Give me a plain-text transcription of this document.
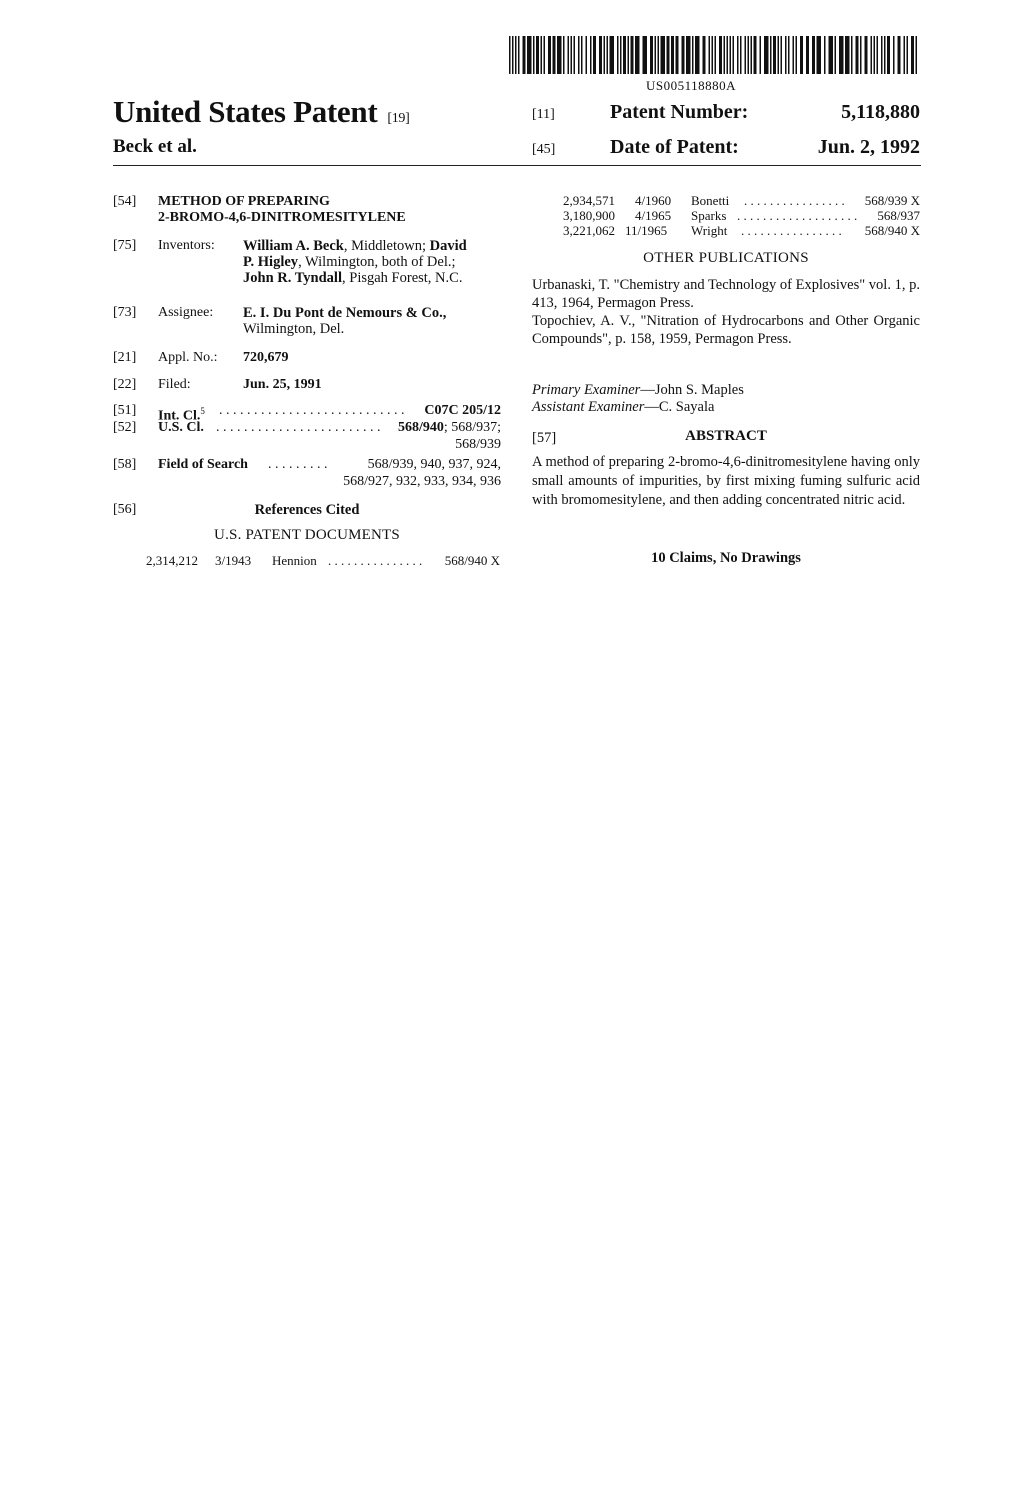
US005118880A
United States Patent [19]
Beck et al.
[11]	Patent Number:	5,118,880
[45]	Date of Patent:	Jun. 2, 1992
[54] METHOD OF PREPARING
2-BROMO-4,6-DINITROMESITYLENE
[75] Inventors: William A. Beck, Middletown; David
P. Higley, Wilmington, both of Del.;
John R. Tyndall, Pisgah Forest, N.C.
[73] Assignee: E. I. Du Pont de Nemours & Co.,
Wilmington, Del.
[21] Appl. No.: 720,679
[22] Filed:	Jun. 25, 1991
[51] Int. Cl.$^5$ . . .	C07C 205/12
[52] U.S. Cl. . . .	568/940; 568/937;
568/939
[58] Field of Search . . .	568/939, 940, 937, 924,
568/927, 932, 933, 934, 936
[56]	References Cited
U.S. PATENT DOCUMENTS
2,314,212 3/1943 Hennion . . .	568/940 X
2,934,571 4/1960 Bonetti . . .	568/939 X
3,180,900 4/1965 Sparks . . .	568/937
3,221,062 11/1965 Wright . . .	568/940 X
OTHER PUBLICATIONS
Urbanaski, T. "Chemistry and Technology of Explosives" vol. 1, p. 413, 1964, Permagon Press.
Topochiev, A. V., "Nitration of Hydrocarbons and Other Organic Compounds", p. 158, 1959, Permagon Press.
Primary Examiner—John S. Maples
Assistant Examiner—C. Sayala
[57]	ABSTRACT
A method of preparing 2-bromo-4,6-dinitromesitylene having only small amounts of impurities, by first mixing fuming sulfuric acid with bromomesitylene, and then adding concentrated nitric acid.
10 Claims, No Drawings
